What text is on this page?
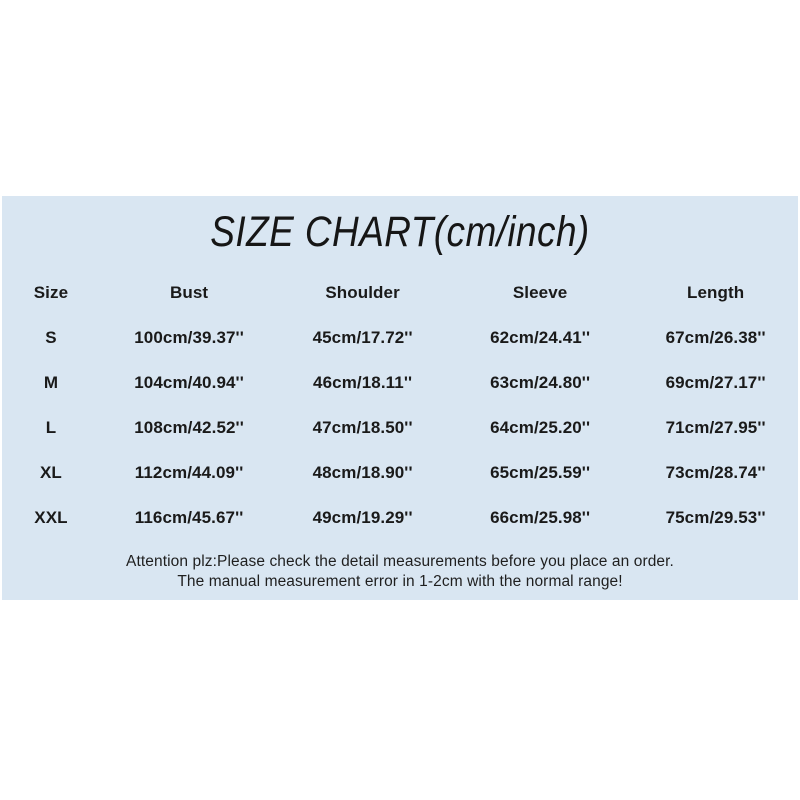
SIZE CHART(cm/inch)
Size	Bust	Shoulder	Sleeve	Length
S	100cm/39.37''	45cm/17.72''	62cm/24.41''	67cm/26.38''
M	104cm/40.94''	46cm/18.11''	63cm/24.80''	69cm/27.17''
L	108cm/42.52''	47cm/18.50''	64cm/25.20''	71cm/27.95''
XL	112cm/44.09''	48cm/18.90''	65cm/25.59''	73cm/28.74''
XXL	116cm/45.67''	49cm/19.29''	66cm/25.98''	75cm/29.53''
Attention plz:Please check the detail measurements before you place an order.
The manual measurement error in 1-2cm with the normal range!
